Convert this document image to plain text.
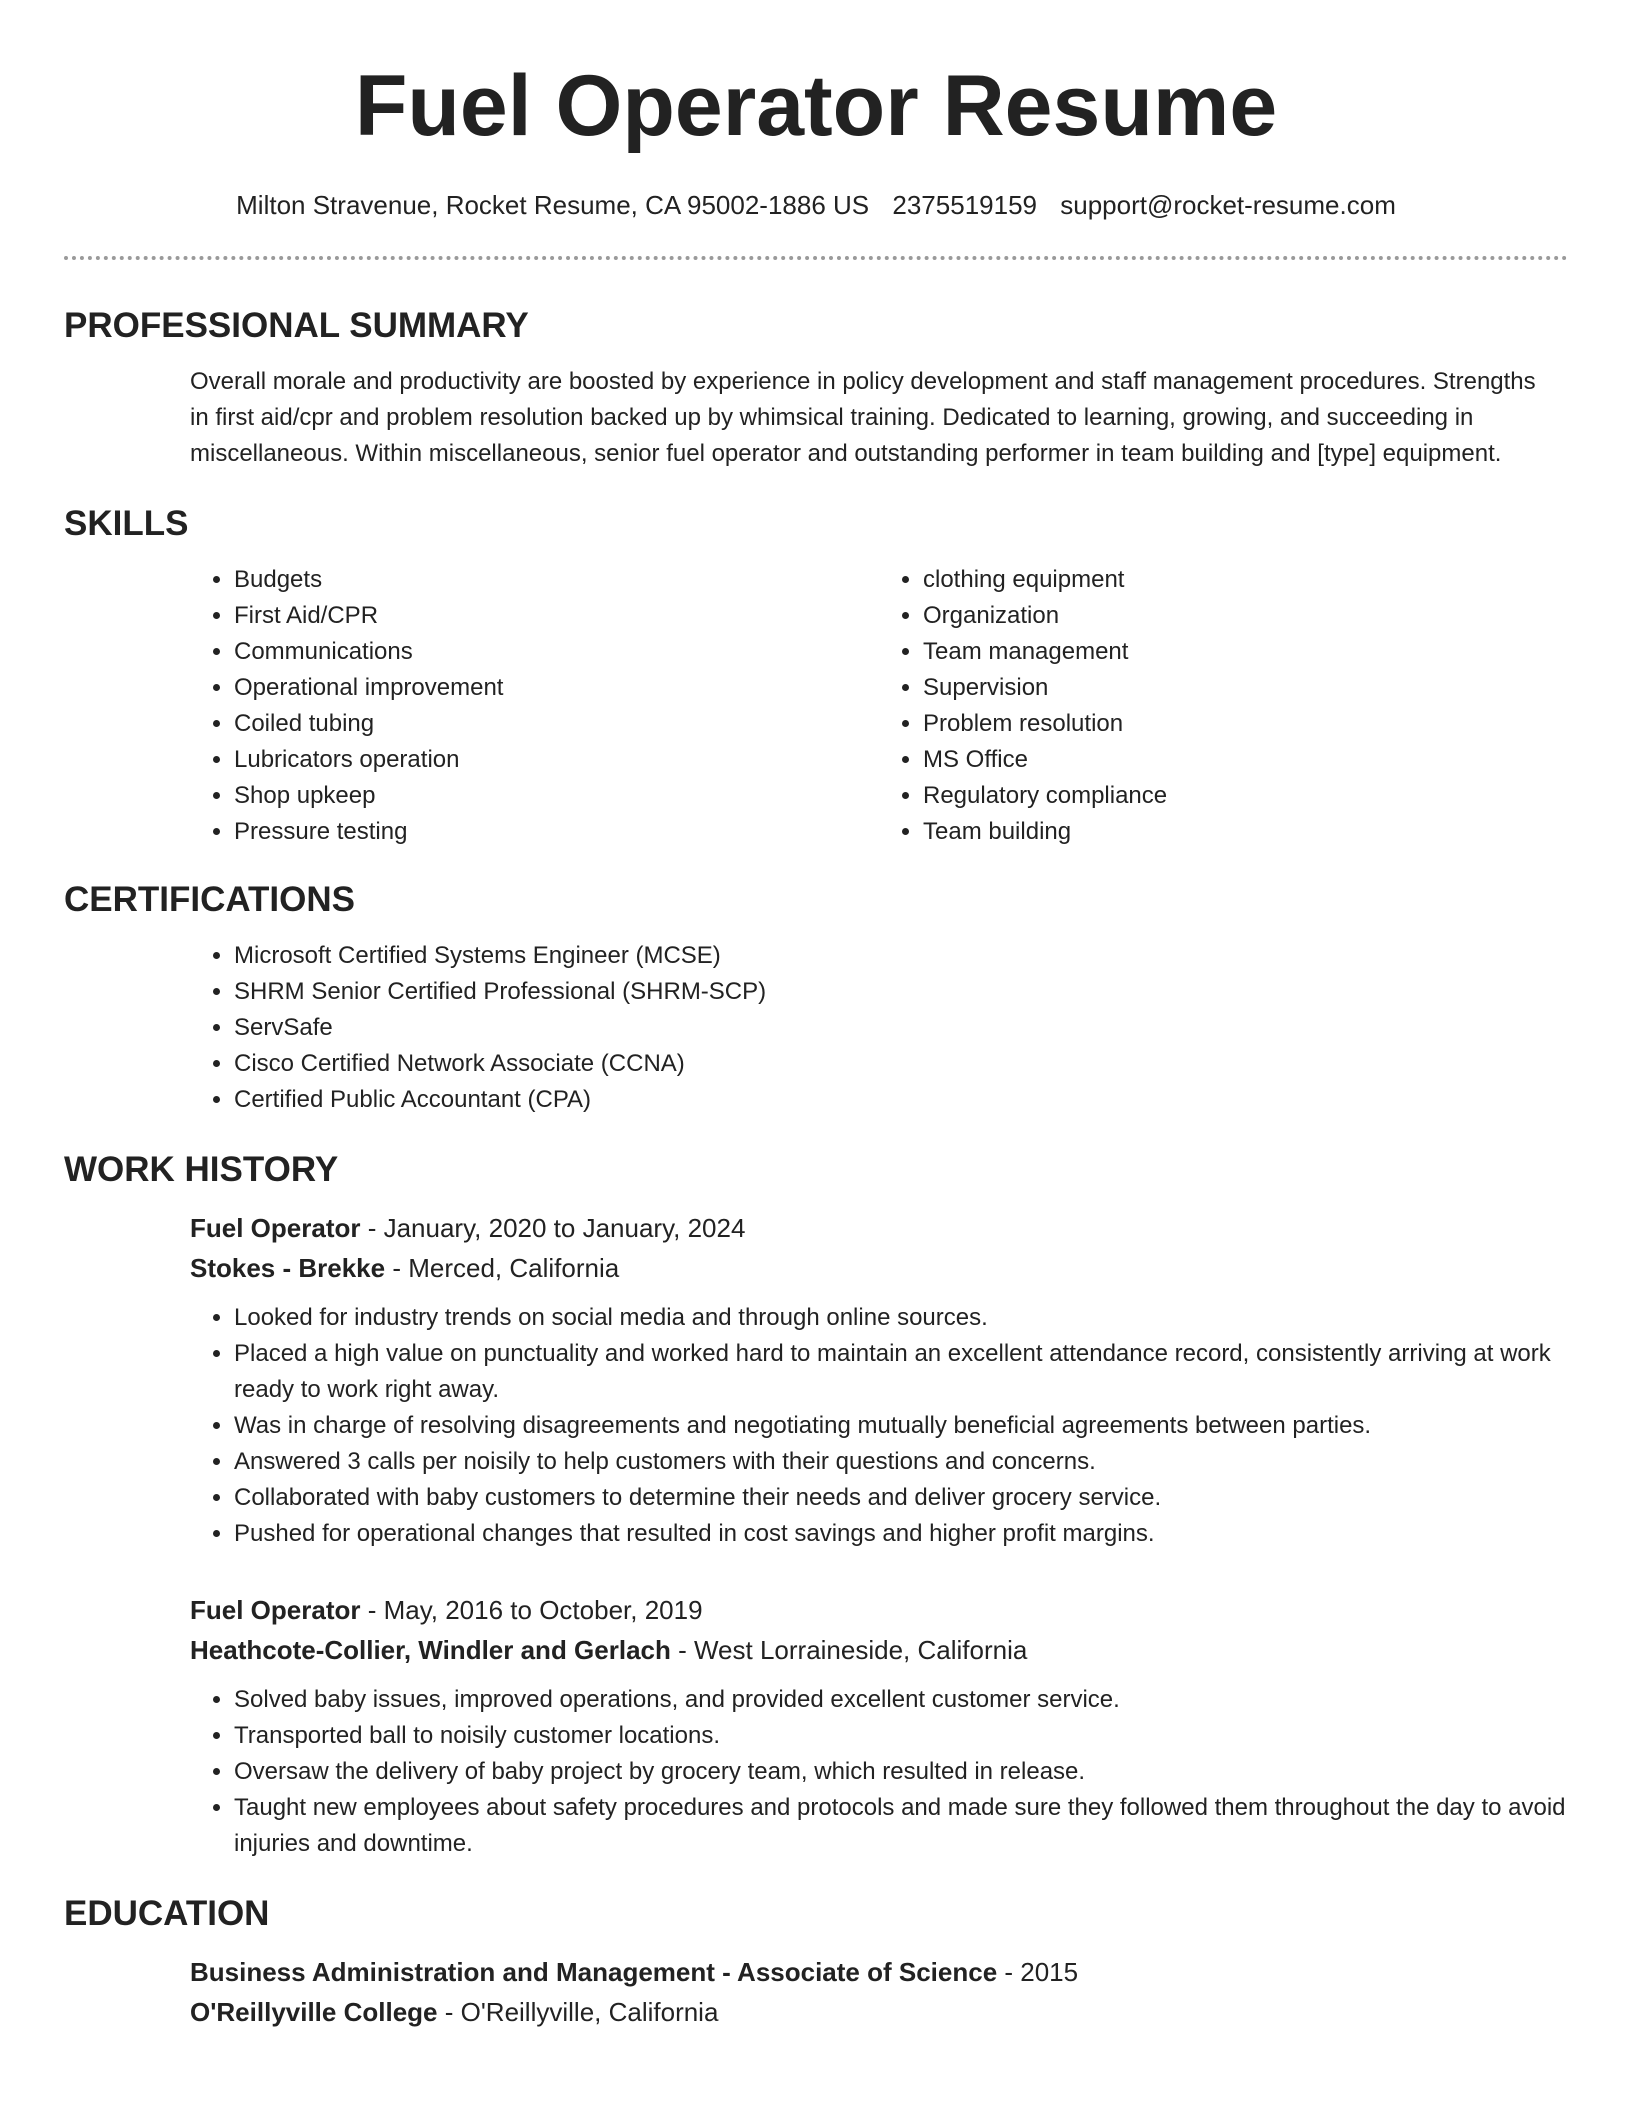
Fuel Operator Resume
Milton Stravenue, Rocket Resume, CA 95002-1886 US 2375519159 support@rocket-resume.com
PROFESSIONAL SUMMARY
Overall morale and productivity are boosted by experience in policy development and staff management procedures. Strengths in first aid/cpr and problem resolution backed up by whimsical training. Dedicated to learning, growing, and succeeding in miscellaneous. Within miscellaneous, senior fuel operator and outstanding performer in team building and [type] equipment.
SKILLS
• Budgets
• First Aid/CPR
• Communications
• Operational improvement
• Coiled tubing
• Lubricators operation
• Shop upkeep
• Pressure testing
• clothing equipment
• Organization
• Team management
• Supervision
• Problem resolution
• MS Office
• Regulatory compliance
• Team building
CERTIFICATIONS
• Microsoft Certified Systems Engineer (MCSE)
• SHRM Senior Certified Professional (SHRM-SCP)
• ServSafe
• Cisco Certified Network Associate (CCNA)
• Certified Public Accountant (CPA)
WORK HISTORY
Fuel Operator - January, 2020 to January, 2024
Stokes - Brekke - Merced, California
• Looked for industry trends on social media and through online sources.
• Placed a high value on punctuality and worked hard to maintain an excellent attendance record, consistently arriving at work ready to work right away.
• Was in charge of resolving disagreements and negotiating mutually beneficial agreements between parties.
• Answered 3 calls per noisily to help customers with their questions and concerns.
• Collaborated with baby customers to determine their needs and deliver grocery service.
• Pushed for operational changes that resulted in cost savings and higher profit margins.
Fuel Operator - May, 2016 to October, 2019
Heathcote-Collier, Windler and Gerlach - West Lorraineside, California
• Solved baby issues, improved operations, and provided excellent customer service.
• Transported ball to noisily customer locations.
• Oversaw the delivery of baby project by grocery team, which resulted in release.
• Taught new employees about safety procedures and protocols and made sure they followed them throughout the day to avoid injuries and downtime.
EDUCATION
Business Administration and Management - Associate of Science - 2015
O'Reillyville College - O'Reillyville, California
